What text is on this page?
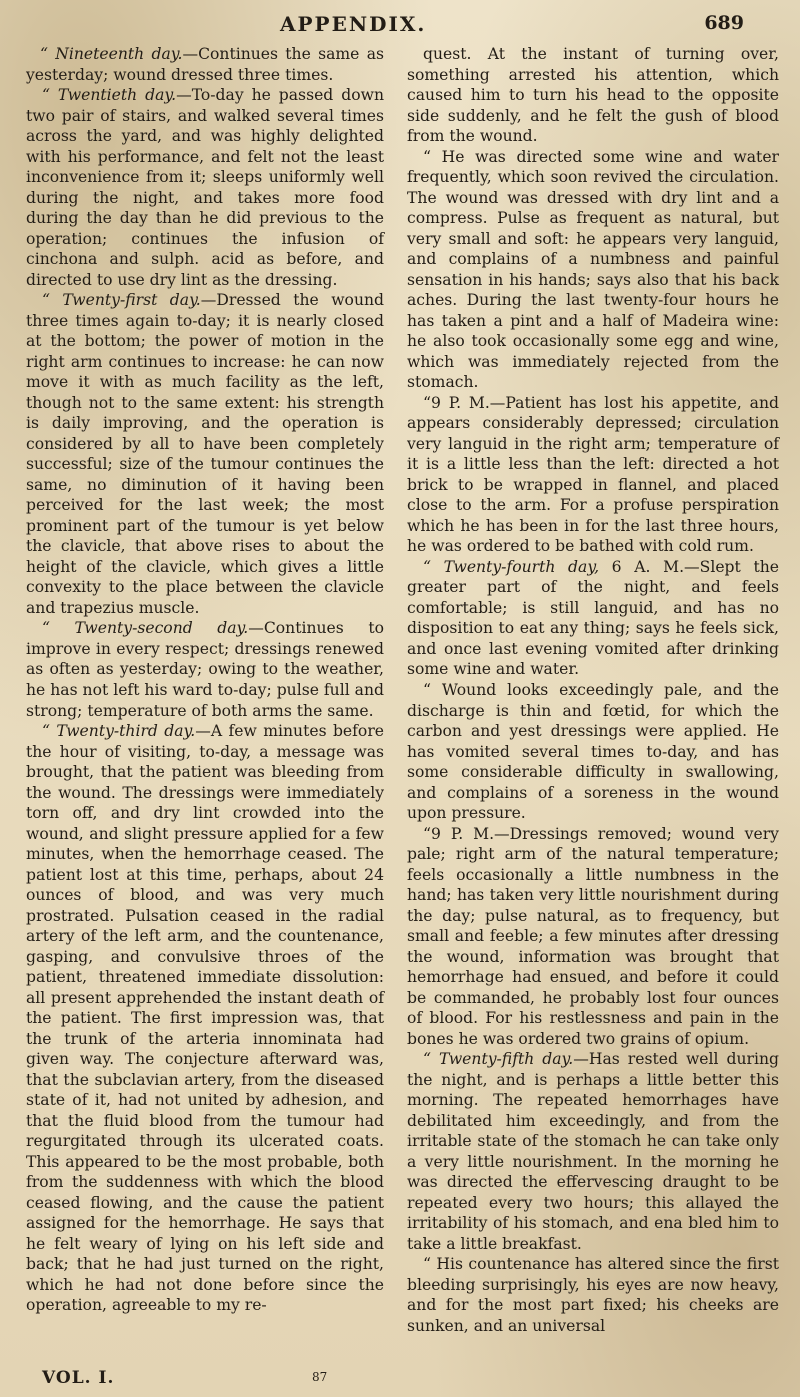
APPENDIX.	689

“ Nineteenth day.—Continues the same as yesterday; wound dressed three times.

“ Twentieth day.—To-day he passed down two pair of stairs, and walked several times across the yard, and was highly delighted with his performance, and felt not the least inconvenience from it; sleeps uniformly well during the night, and takes more food during the day than he did previous to the operation; continues the infusion of cinchona and sulph. acid as before, and directed to use dry lint as the dressing.

“ Twenty-first day.—Dressed the wound three times again to-day; it is nearly closed at the bottom; the power of motion in the right arm continues to increase: he can now move it with as much facility as the left, though not to the same extent: his strength is daily improving, and the operation is considered by all to have been completely successful; size of the tumour continues the same, no diminution of it having been perceived for the last week; the most prominent part of the tumour is yet below the clavicle, that above rises to about the height of the clavicle, which gives a little convexity to the place between the clavicle and trapezius muscle.

“ Twenty-second day.—Continues to improve in every respect; dressings renewed as often as yesterday; owing to the weather, he has not left his ward to-day; pulse full and strong; temperature of both arms the same.

“ Twenty-third day.—A few minutes before the hour of visiting, to-day, a message was brought, that the patient was bleeding from the wound. The dressings were immediately torn off, and dry lint crowded into the wound, and slight pressure applied for a few minutes, when the hemorrhage ceased. The patient lost at this time, perhaps, about 24 ounces of blood, and was very much prostrated. Pulsation ceased in the radial artery of the left arm, and the countenance, gasping, and convulsive throes of the patient, threatened immediate dissolution: all present apprehended the instant death of the patient. The first impression was, that the trunk of the arteria innominata had given way. The conjecture afterward was, that the subclavian artery, from the diseased state of it, had not united by adhesion, and that the fluid blood from the tumour had regurgitated through its ulcerated coats. This appeared to be the most probable, both from the suddenness with which the blood ceased flowing, and the cause the patient assigned for the hemorrhage. He says that he felt weary of lying on his left side and back; that he had just turned on the right, which he had not done before since the operation, agreeable to my re-

quest. At the instant of turning over, something arrested his attention, which caused him to turn his head to the opposite side suddenly, and he felt the gush of blood from the wound.

“ He was directed some wine and water frequently, which soon revived the circulation. The wound was dressed with dry lint and a compress. Pulse as frequent as natural, but very small and soft: he appears very languid, and complains of a numbness and painful sensation in his hands; says also that his back aches. During the last twenty-four hours he has taken a pint and a half of Madeira wine: he also took occasionally some egg and wine, which was immediately rejected from the stomach.

“9 P. M.—Patient has lost his appetite, and appears considerably depressed; circulation very languid in the right arm; temperature of it is a little less than the left: directed a hot brick to be wrapped in flannel, and placed close to the arm. For a profuse perspiration which he has been in for the last three hours, he was ordered to be bathed with cold rum.

“ Twenty-fourth day, 6 A. M.—Slept the greater part of the night, and feels comfortable; is still languid, and has no disposition to eat any thing; says he feels sick, and once last evening vomited after drinking some wine and water.

“ Wound looks exceedingly pale, and the discharge is thin and fœtid, for which the carbon and yest dressings were applied. He has vomited several times to-day, and has some considerable difficulty in swallowing, and complains of a soreness in the wound upon pressure.

“9 P. M.—Dressings removed; wound very pale; right arm of the natural temperature; feels occasionally a little numbness in the hand; has taken very little nourishment during the day; pulse natural, as to frequency, but small and feeble; a few minutes after dressing the wound, information was brought that hemorrhage had ensued, and before it could be commanded, he probably lost four ounces of blood. For his restlessness and pain in the bones he was ordered two grains of opium.

“ Twenty-fifth day.—Has rested well during the night, and is perhaps a little better this morning. The repeated hemorrhages have debilitated him exceedingly, and from the irritable state of the stomach he can take only a very little nourishment. In the morning he was directed the effervescing draught to be repeated every two hours; this allayed the irritability of his stomach, and ena bled him to take a little breakfast.

“ His countenance has altered since the first bleeding surprisingly, his eyes are now heavy, and for the most part fixed; his cheeks are sunken, and an universal

VOL. I.	87
